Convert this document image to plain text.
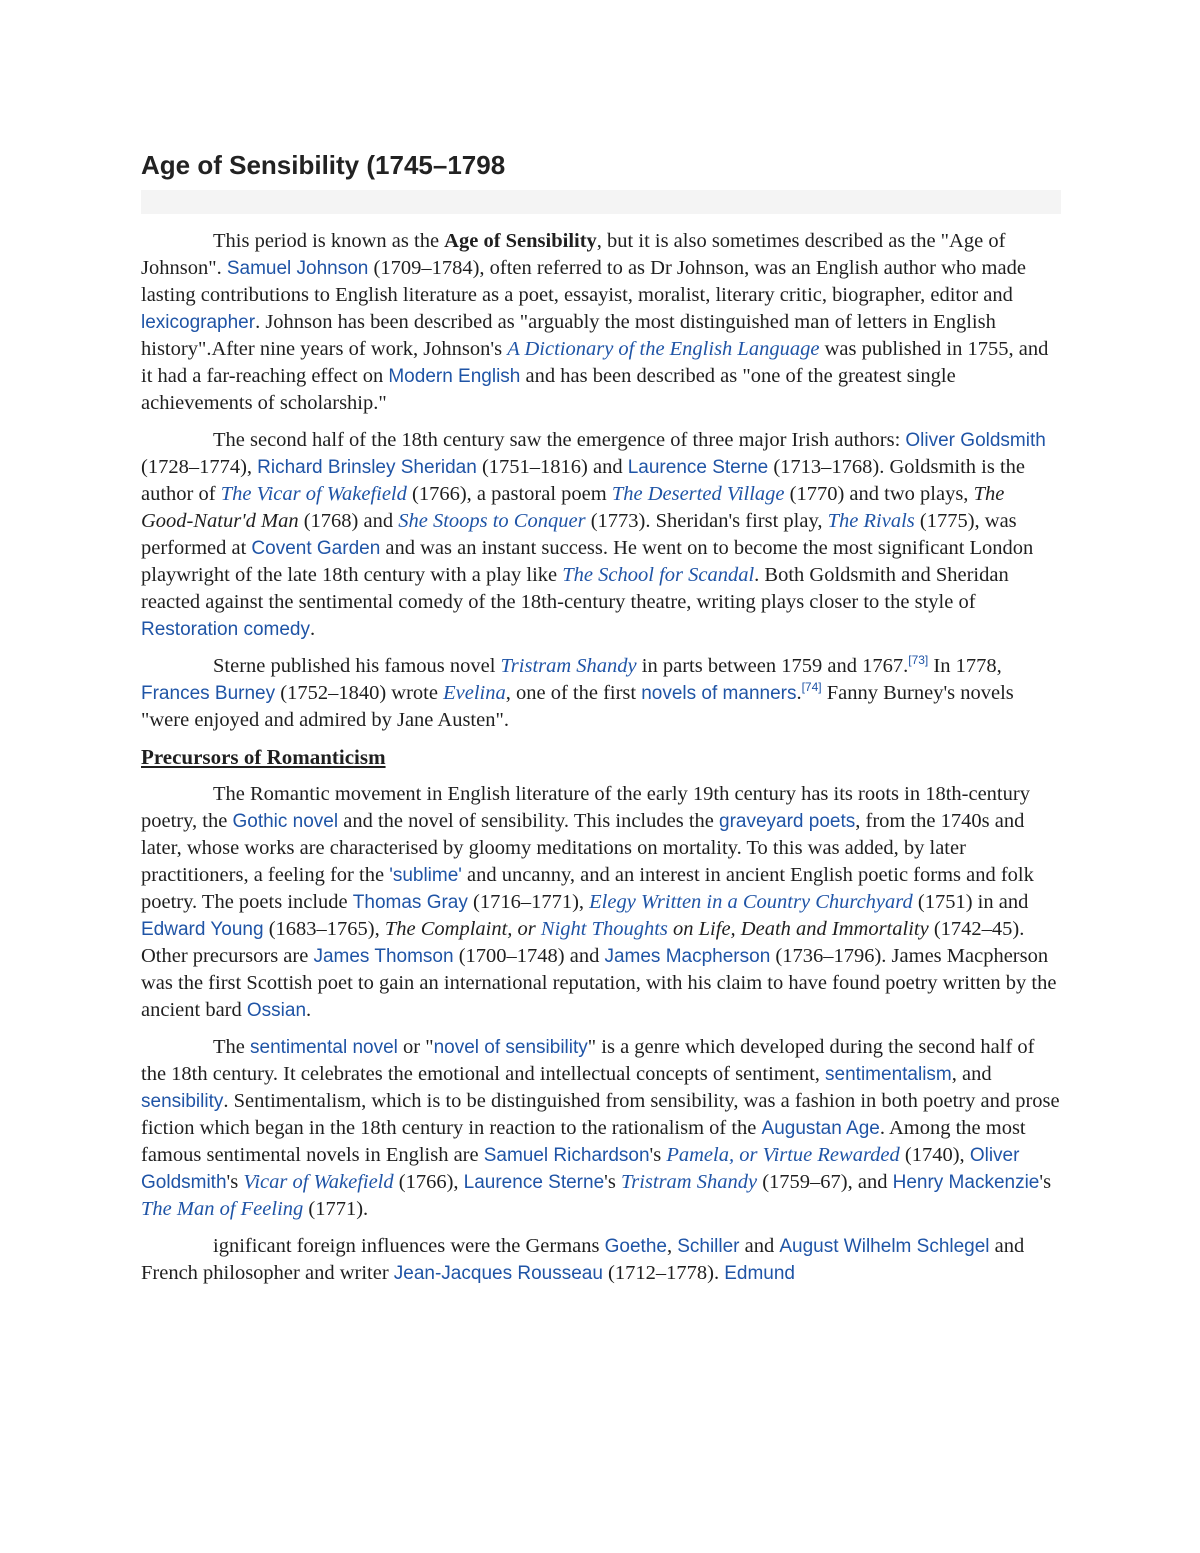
Age of Sensibility (1745–1798

This period is known as the Age of Sensibility, but it is also sometimes described as the "Age of Johnson". Samuel Johnson (1709–1784), often referred to as Dr Johnson, was an English author who made lasting contributions to English literature as a poet, essayist, moralist, literary critic, biographer, editor and lexicographer. Johnson has been described as "arguably the most distinguished man of letters in English history".After nine years of work, Johnson's A Dictionary of the English Language was published in 1755, and it had a far-reaching effect on Modern English and has been described as "one of the greatest single achievements of scholarship."

The second half of the 18th century saw the emergence of three major Irish authors: Oliver Goldsmith (1728–1774), Richard Brinsley Sheridan (1751–1816) and Laurence Sterne (1713–1768). Goldsmith is the author of The Vicar of Wakefield (1766), a pastoral poem The Deserted Village (1770) and two plays, The Good-Natur'd Man (1768) and She Stoops to Conquer (1773). Sheridan's first play, The Rivals (1775), was performed at Covent Garden and was an instant success. He went on to become the most significant London playwright of the late 18th century with a play like The School for Scandal. Both Goldsmith and Sheridan reacted against the sentimental comedy of the 18th-century theatre, writing plays closer to the style of Restoration comedy.

Sterne published his famous novel Tristram Shandy in parts between 1759 and 1767.[73] In 1778, Frances Burney (1752–1840) wrote Evelina, one of the first novels of manners.[74] Fanny Burney's novels "were enjoyed and admired by Jane Austen".

Precursors of Romanticism

The Romantic movement in English literature of the early 19th century has its roots in 18th-century poetry, the Gothic novel and the novel of sensibility. This includes the graveyard poets, from the 1740s and later, whose works are characterised by gloomy meditations on mortality. To this was added, by later practitioners, a feeling for the 'sublime' and uncanny, and an interest in ancient English poetic forms and folk poetry. The poets include Thomas Gray (1716–1771), Elegy Written in a Country Churchyard (1751) in and Edward Young (1683–1765), The Complaint, or Night Thoughts on Life, Death and Immortality (1742–45). Other precursors are James Thomson (1700–1748) and James Macpherson (1736–1796). James Macpherson was the first Scottish poet to gain an international reputation, with his claim to have found poetry written by the ancient bard Ossian.

The sentimental novel or "novel of sensibility" is a genre which developed during the second half of the 18th century. It celebrates the emotional and intellectual concepts of sentiment, sentimentalism, and sensibility. Sentimentalism, which is to be distinguished from sensibility, was a fashion in both poetry and prose fiction which began in the 18th century in reaction to the rationalism of the Augustan Age. Among the most famous sentimental novels in English are Samuel Richardson's Pamela, or Virtue Rewarded (1740), Oliver Goldsmith's Vicar of Wakefield (1766), Laurence Sterne's Tristram Shandy (1759–67), and Henry Mackenzie's The Man of Feeling (1771).

ignificant foreign influences were the Germans Goethe, Schiller and August Wilhelm Schlegel and French philosopher and writer Jean-Jacques Rousseau (1712–1778). Edmund
